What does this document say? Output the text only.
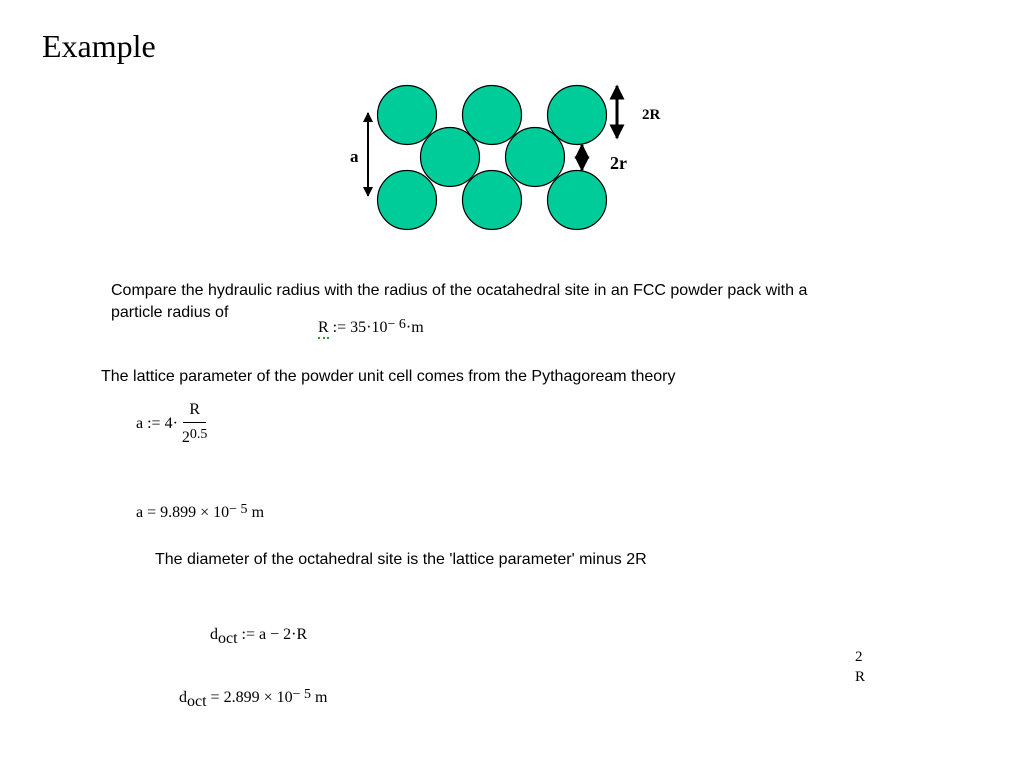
Example
2R
a	2r
Compare the hydraulic radius with the radius of the ocatahedral site in an FCC powder pack with a
particle radius of
R := $35\cdot 10^{- 6}\cdot m$
The lattice parameter of the powder unit cell comes from the Pythagoream theory
a := $4\cdot \frac{R}{2^{0.5}}$
$a = 9.899 \times 10^{- 5}$ m
The diameter of the octahedral site is the 'lattice parameter' minus 2R
$d_{oct}$ := a − 2·R
$d_{oct} = 2.899 \times 10^{- 5}$ m
2
R
